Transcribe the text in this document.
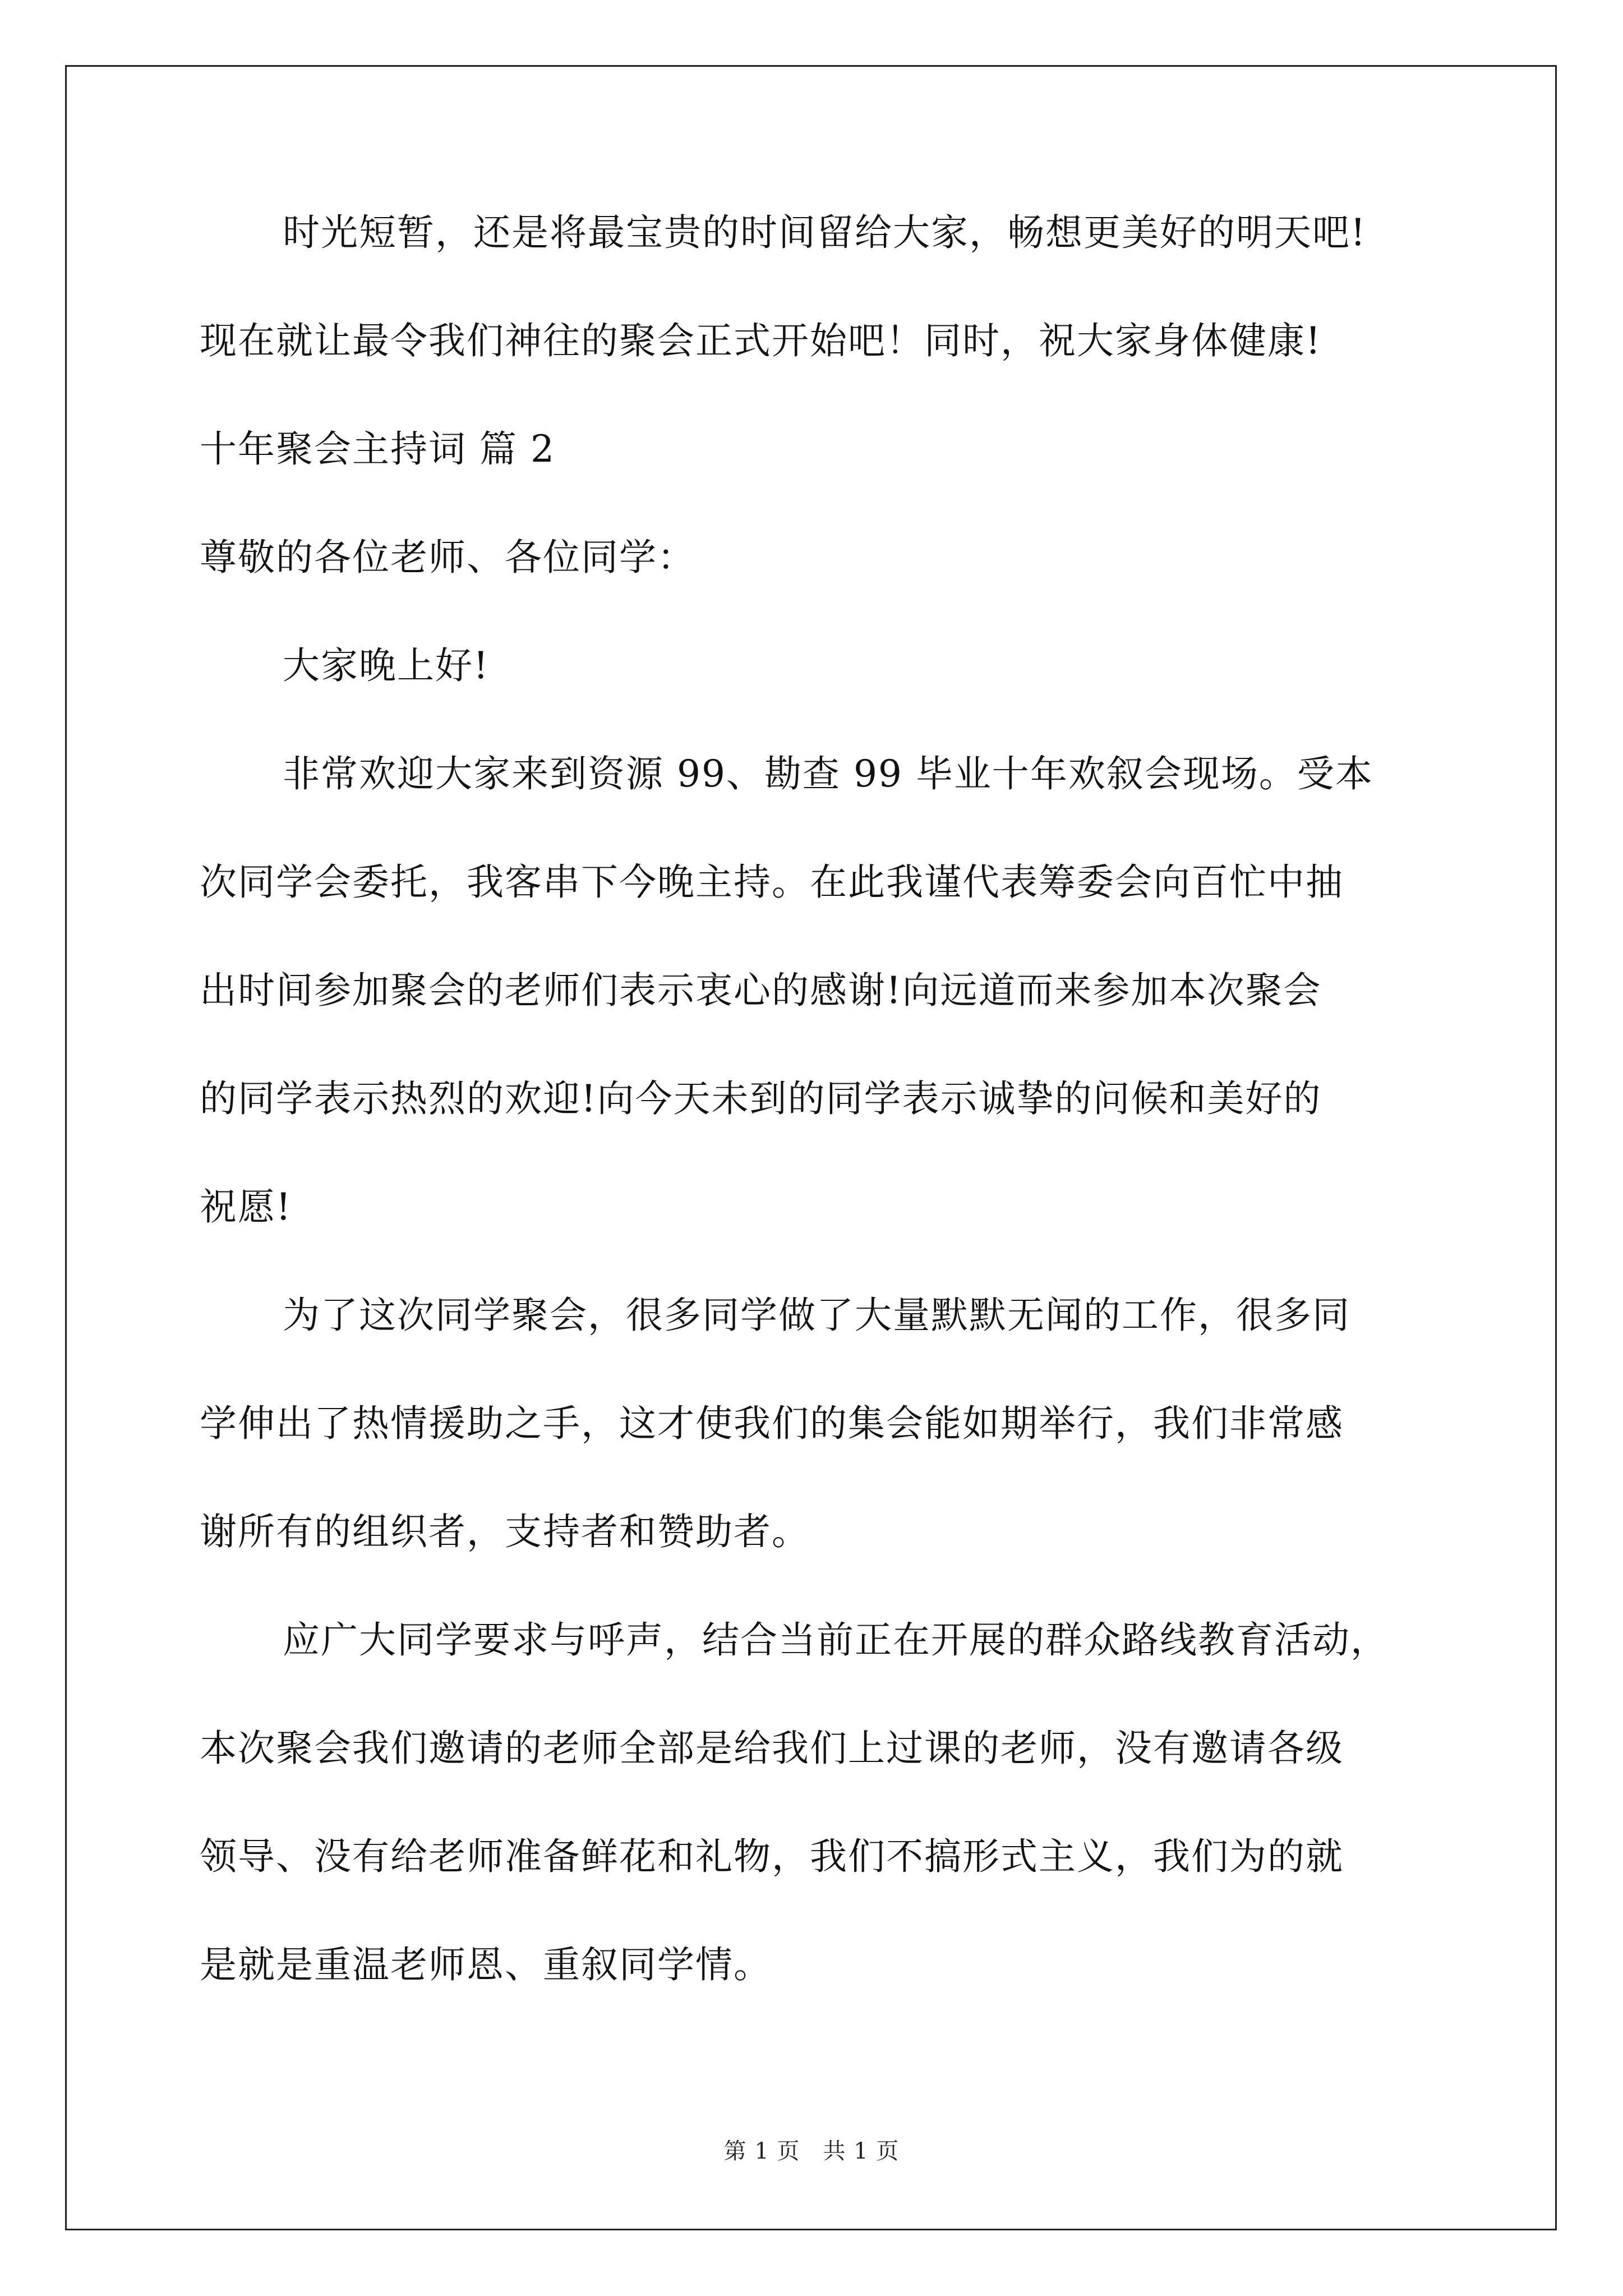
时光短暂，还是将最宝贵的时间留给大家，畅想更美好的明天吧!
现在就让最令我们神往的聚会正式开始吧！同时，祝大家身体健康!
十年聚会主持词 篇 2
尊敬的各位老师、各位同学：
大家晚上好!
非常欢迎大家来到资源 99、勘查 99 毕业十年欢叙会现场。受本
次同学会委托，我客串下今晚主持。在此我谨代表筹委会向百忙中抽
出时间参加聚会的老师们表示衷心的感谢!向远道而来参加本次聚会
的同学表示热烈的欢迎!向今天未到的同学表示诚挚的问候和美好的
祝愿!
为了这次同学聚会，很多同学做了大量默默无闻的工作，很多同
学伸出了热情援助之手，这才使我们的集会能如期举行，我们非常感
谢所有的组织者，支持者和赞助者。
应广大同学要求与呼声，结合当前正在开展的群众路线教育活动，
本次聚会我们邀请的老师全部是给我们上过课的老师，没有邀请各级
领导、没有给老师准备鲜花和礼物，我们不搞形式主义，我们为的就
是就是重温老师恩、重叙同学情。
第 1 页　共 1 页
